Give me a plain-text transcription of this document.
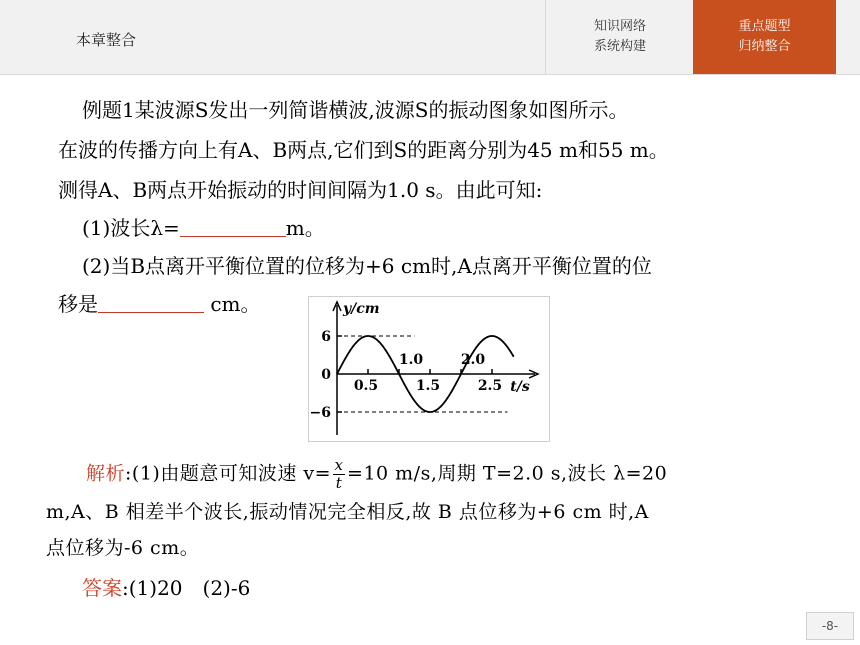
本章整合
知识网络
系统构建
重点题型
归纳整合
例题1某波源S发出一列简谐横波,波源S的振动图象如图所示。
在波的传播方向上有A、B两点,它们到S的距离分别为45 m和55 m。
测得A、B两点开始振动的时间间隔为1.0 s。由此可知:
(1)波长λ=	m。
(2)当B点离开平衡位置的位移为+6 cm时,A点离开平衡位置的位
移是	cm。	y/cm
t/s
6
0
−6
0.5	1.5	2.5
1.0	2.0
解析:(1)由题意可知波速 $v= \frac{x}{t} =10$ m/s,周期 T=2.0 s,波长 λ=20
m,A、B 相差半个波长,振动情况完全相反,故 B 点位移为+6 cm 时,A
点位移为-6 cm。
答案:(1)20　(2)-6
-8-
